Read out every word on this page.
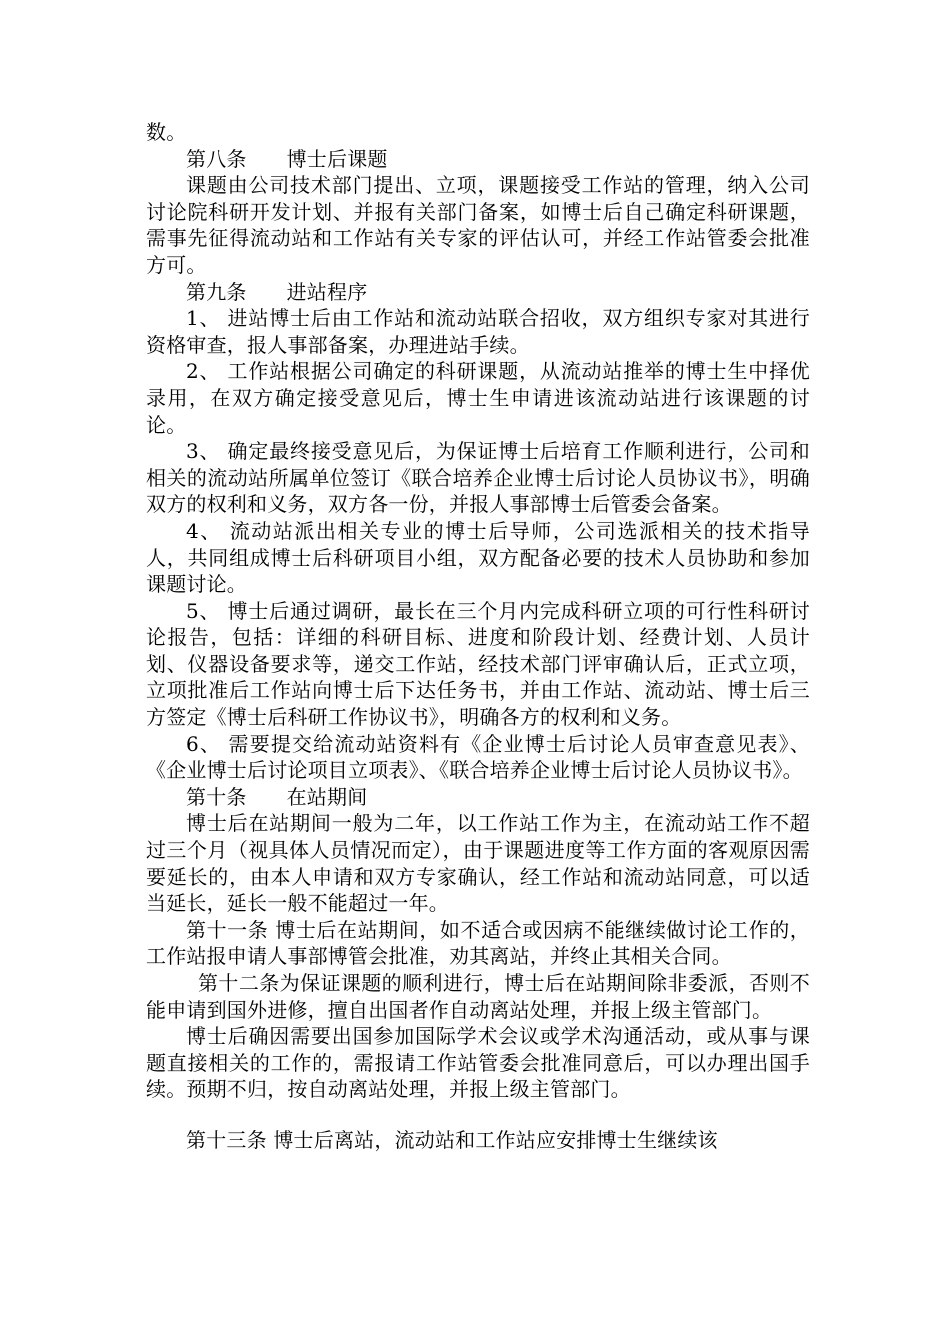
数。

第八条 博士后课题

课题由公司技术部门提出、立项，课题接受工作站的管理，纳入公司讨论院科研开发计划、并报有关部门备案，如博士后自己确定科研课题，需事先征得流动站和工作站有关专家的评估认可，并经工作站管委会批准方可。

第九条 进站程序

1、 进站博士后由工作站和流动站联合招收，双方组织专家对其进行资格审查，报人事部备案，办理进站手续。

2、 工作站根据公司确定的科研课题，从流动站推举的博士生中择优录用，在双方确定接受意见后，博士生申请进该流动站进行该课题的讨论。

3、 确定最终接受意见后，为保证博士后培育工作顺利进行，公司和相关的流动站所属单位签订《联合培养企业博士后讨论人员协议书》，明确双方的权利和义务，双方各一份，并报人事部博士后管委会备案。

4、 流动站派出相关专业的博士后导师，公司选派相关的技术指导人，共同组成博士后科研项目小组，双方配备必要的技术人员协助和参加课题讨论。

5、 博士后通过调研，最长在三个月内完成科研立项的可行性科研讨论报告，包括：详细的科研目标、进度和阶段计划、经费计划、人员计划、仪器设备要求等，递交工作站，经技术部门评审确认后，正式立项，立项批准后工作站向博士后下达任务书，并由工作站、流动站、博士后三方签定《博士后科研工作协议书》，明确各方的权利和义务。

6、 需要提交给流动站资料有《企业博士后讨论人员审查意见表》、《企业博士后讨论项目立项表》、《联合培养企业博士后讨论人员协议书》。

第十条 在站期间

博士后在站期间一般为二年，以工作站工作为主，在流动站工作不超过三个月（视具体人员情况而定），由于课题进度等工作方面的客观原因需要延长的，由本人申请和双方专家确认，经工作站和流动站同意，可以适当延长，延长一般不能超过一年。

第十一条 博士后在站期间，如不适合或因病不能继续做讨论工作的，工作站报申请人事部博管会批准，劝其离站，并终止其相关合同。

第十二条为保证课题的顺利进行，博士后在站期间除非委派，否则不能申请到国外进修，擅自出国者作自动离站处理，并报上级主管部门。

博士后确因需要出国参加国际学术会议或学术沟通活动，或从事与课题直接相关的工作的，需报请工作站管委会批准同意后，可以办理出国手续。预期不归，按自动离站处理，并报上级主管部门。

第十三条 博士后离站，流动站和工作站应安排博士生继续该
